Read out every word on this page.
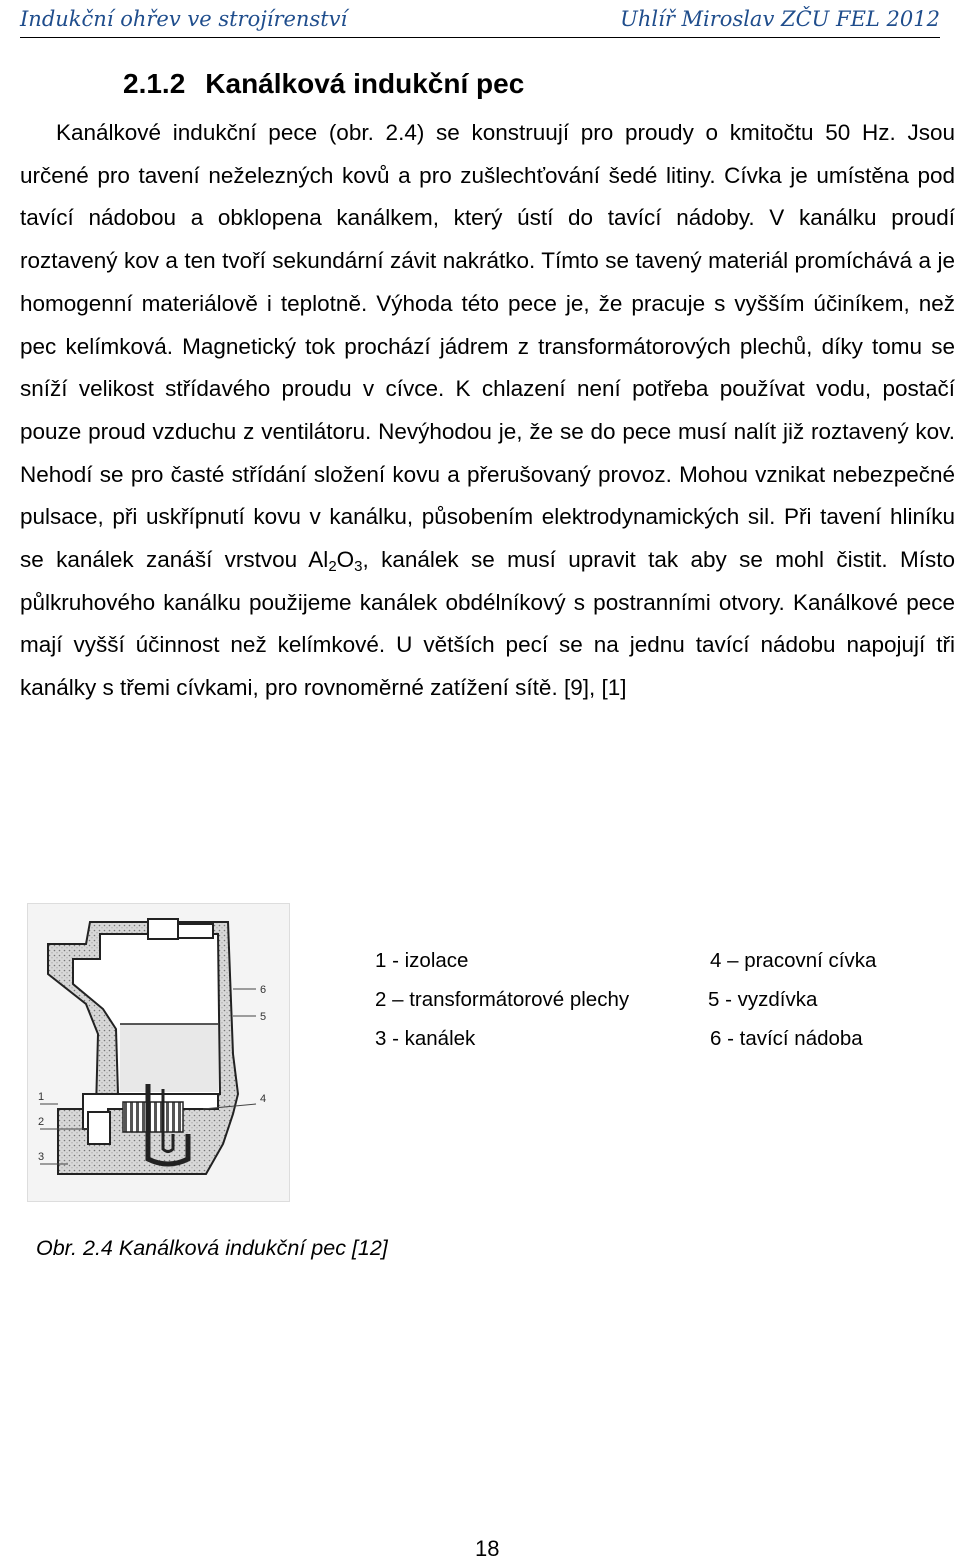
Indukční ohřev ve strojírenství	Uhlíř Miroslav ZČU FEL 2012
2.1.2 Kanálková indukční pec

Kanálkové indukční pece (obr. 2.4) se konstruují pro proudy o kmitočtu 50 Hz. Jsou určené pro tavení neželezných kovů a pro zušlechťování šedé litiny. Cívka je umístěna pod tavící nádobou a obklopena kanálkem, který ústí do tavící nádoby. V kanálku proudí roztavený kov a ten tvoří sekundární závit nakrátko. Tímto se tavený materiál promíchává a je homogenní materiálově i teplotně. Výhoda této pece je, že pracuje s vyšším účiníkem, než pec kelímková. Magnetický tok prochází jádrem z transformátorových plechů, díky tomu se sníží velikost střídavého proudu v cívce. K chlazení není potřeba používat vodu, postačí pouze proud vzduchu z ventilátoru. Nevýhodou je, že se do pece musí nalít již roztavený kov. Nehodí se pro časté střídání složení kovu a přerušovaný provoz. Mohou vznikat nebezpečné pulsace, při uskřípnutí kovu v kanálku, působením elektrodynamických sil. Při tavení hliníku se kanálek zanáší vrstvou $Al_2O_3$, kanálek se musí upravit tak aby se mohl čistit. Místo půlkruhového kanálku použijeme kanálek obdélníkový s postranními otvory. Kanálkové pece mají vyšší účinnost než kelímkové. U větších pecí se na jednu tavící nádobu napojují tři kanálky s třemi cívkami, pro rovnoměrné zatížení sítě. [9], [1]

1
2
3
4
5
6
1 - izolace	4 – pracovní cívka
2 – transformátorové plechy	5 - vyzdívka
3 - kanálek	6 - tavící nádoba
Obr. 2.4 Kanálková indukční pec [12]
18
